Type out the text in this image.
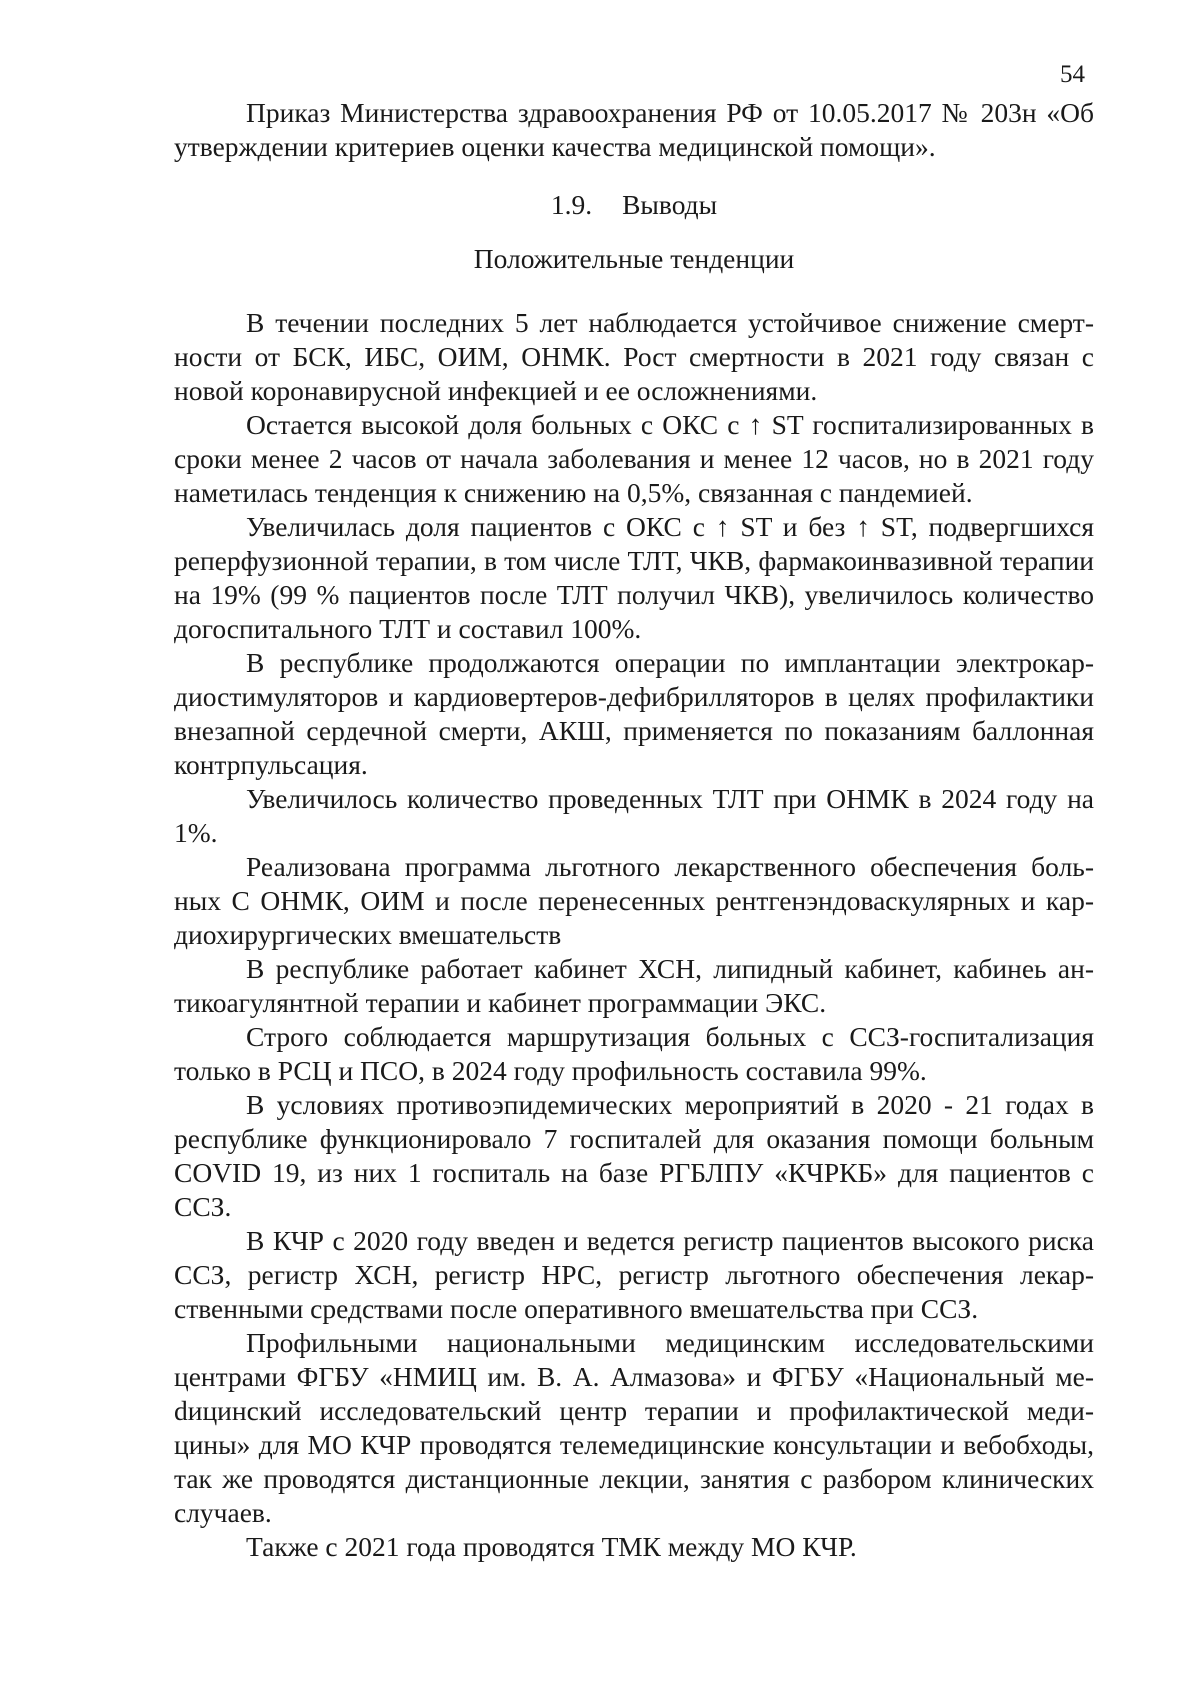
54

Приказ Министерства здравоохранения РФ от 10.05.2017 № 203н «Об утверждении критериев оценки качества медицинской помощи».

1.9. Выводы
Положительные тенденции

В течении последних 5 лет наблюдается устойчивое снижение смертности от БСК, ИБС, ОИМ, ОНМК. Рост смертности в 2021 году связан с новой коронавирусной инфекцией и ее осложнениями.

Остается высокой доля больных с ОКС с ↑ ST госпитализированных в сроки менее 2 часов от начала заболевания и менее 12 часов, но в 2021 году наметилась тенденция к снижению на 0,5%, связанная с пандемией.

Увеличилась доля пациентов с ОКС с ↑ ST и без ↑ ST, подвергшихся реперфузионной терапии, в том числе ТЛТ, ЧКВ, фармакоинвазивной терапии на 19% (99 % пациентов после ТЛТ получил ЧКВ), увеличилось количество догоспитального ТЛТ и составил 100%.

В республике продолжаются операции по имплантации электрокардиостимуляторов и кардиовертеров-дефибрилляторов в целях профилактики внезапной сердечной смерти, АКШ, применяется по показаниям баллонная контрпульсация.

Увеличилось количество проведенных ТЛТ при ОНМК в 2024 году на 1%.

Реализована программа льготного лекарственного обеспечения больных С ОНМК, ОИМ и после перенесенных рентгенэндоваскулярных и кардиохирургических вмешательств

В республике работает кабинет ХСН, липидный кабинет, кабинеь антикоагулянтной терапии и кабинет программации ЭКС.

Строго соблюдается маршрутизация больных с ССЗ-госпитализация только в РСЦ и ПСО, в 2024 году профильность составила 99%.

В условиях противоэпидемических мероприятий в 2020 - 21 годах в республике функционировало 7 госпиталей для оказания помощи больным COVID 19, из них 1 госпиталь на базе РГБЛПУ «КЧРКБ» для пациентов с ССЗ.

В КЧР с 2020 году введен и ведется регистр пациентов высокого риска ССЗ, регистр ХСН, регистр НРС, регистр льготного обеспечения лекарственными средствами после оперативного вмешательства при ССЗ.

Профильными национальными медицинским исследовательскими центрами ФГБУ «НМИЦ им. В. А. Алмазова» и ФГБУ «Национальный меdицинский исследовательский центр терапии и профилактической медицины» для МО КЧР проводятся телемедицинские консультации и вебобходы, так же проводятся дистанционные лекции, занятия с разбором клинических случаев.

Также с 2021 года проводятся ТМК между МО КЧР.
